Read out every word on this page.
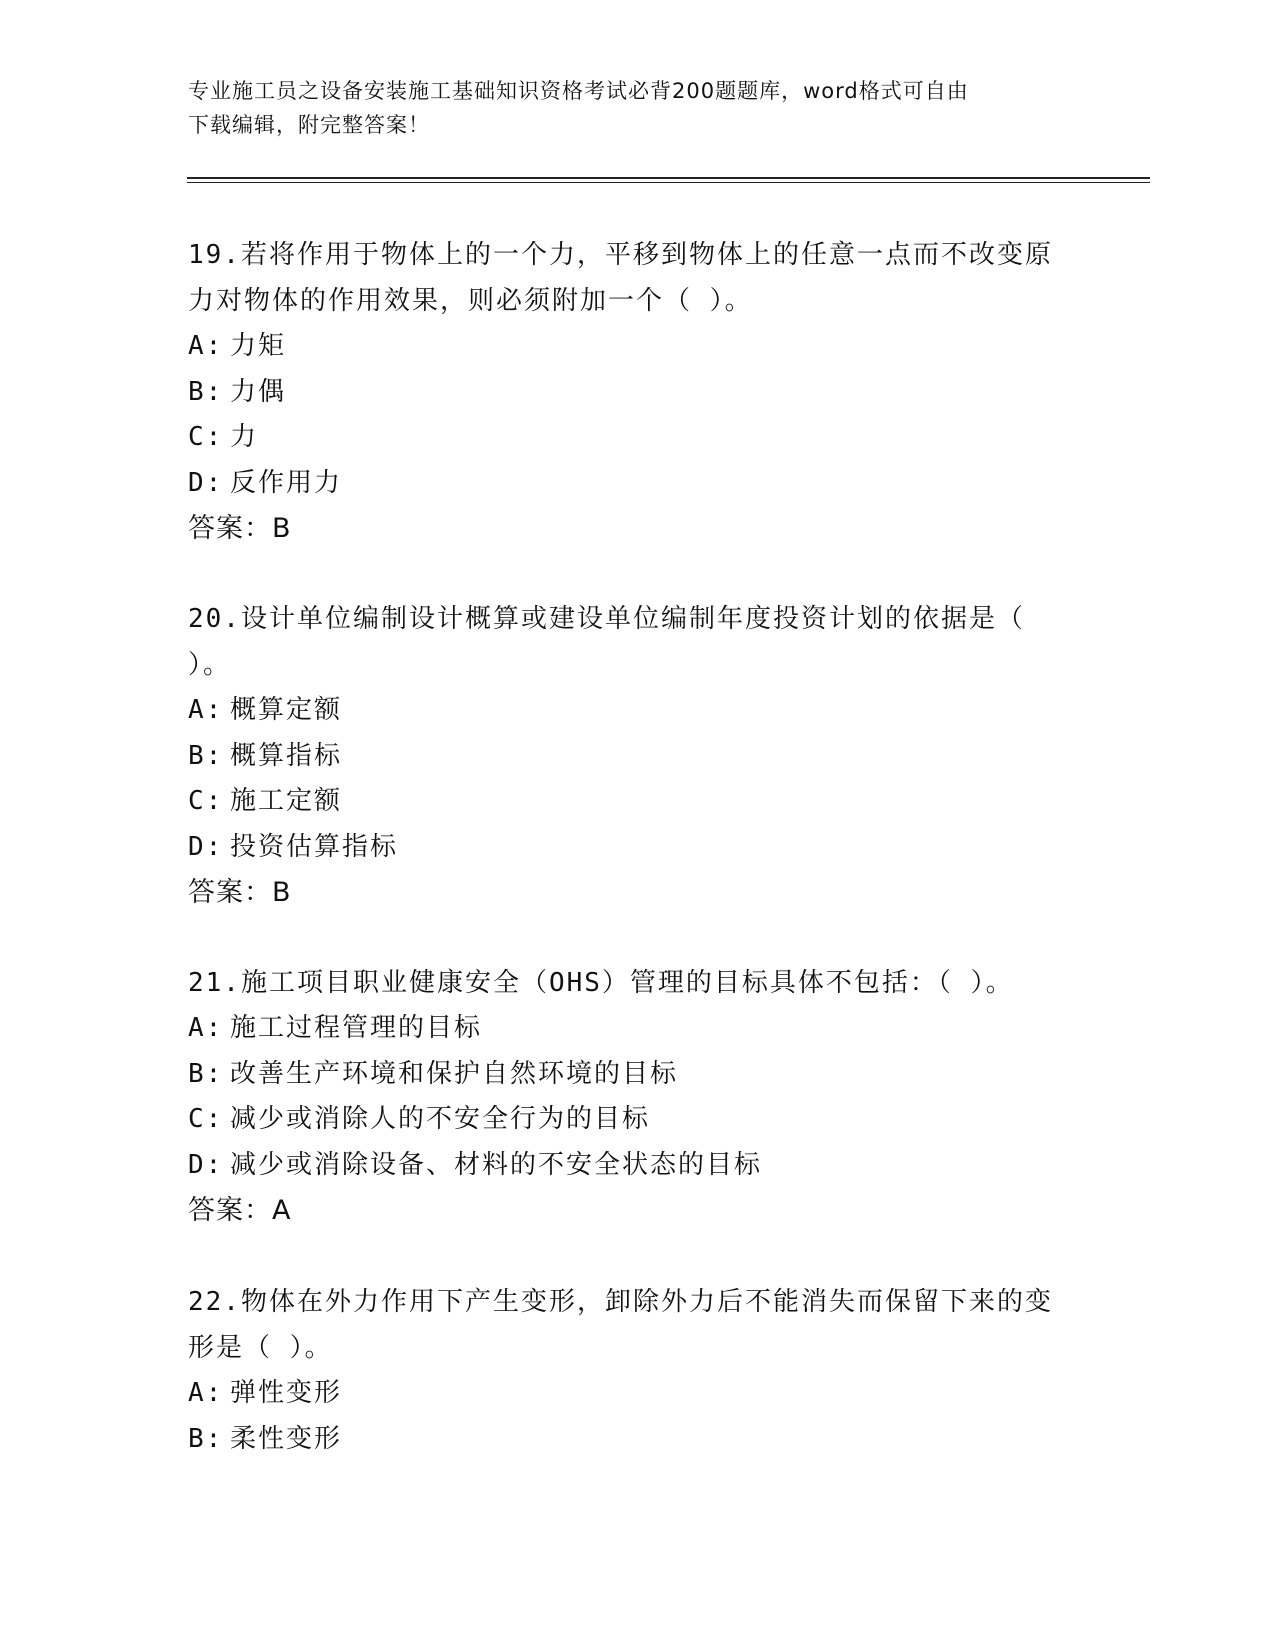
专业施工员之设备安装施工基础知识资格考试必背200题题库，word格式可自由
下载编辑，附完整答案！
19.若将作用于物体上的一个力，平移到物体上的任意一点而不改变原
力对物体的作用效果，则必须附加一个（ ）。
A: 力矩
B: 力偶
C: 力
D: 反作用力
答案：B
20.设计单位编制设计概算或建设单位编制年度投资计划的依据是（
）。
A: 概算定额
B: 概算指标
C: 施工定额
D: 投资估算指标
答案：B
21.施工项目职业健康安全（OHS）管理的目标具体不包括：（ ）。
A: 施工过程管理的目标
B: 改善生产环境和保护自然环境的目标
C: 减少或消除人的不安全行为的目标
D: 减少或消除设备、材料的不安全状态的目标
答案：A
22.物体在外力作用下产生变形，卸除外力后不能消失而保留下来的变
形是（ ）。
A: 弹性变形
B: 柔性变形
